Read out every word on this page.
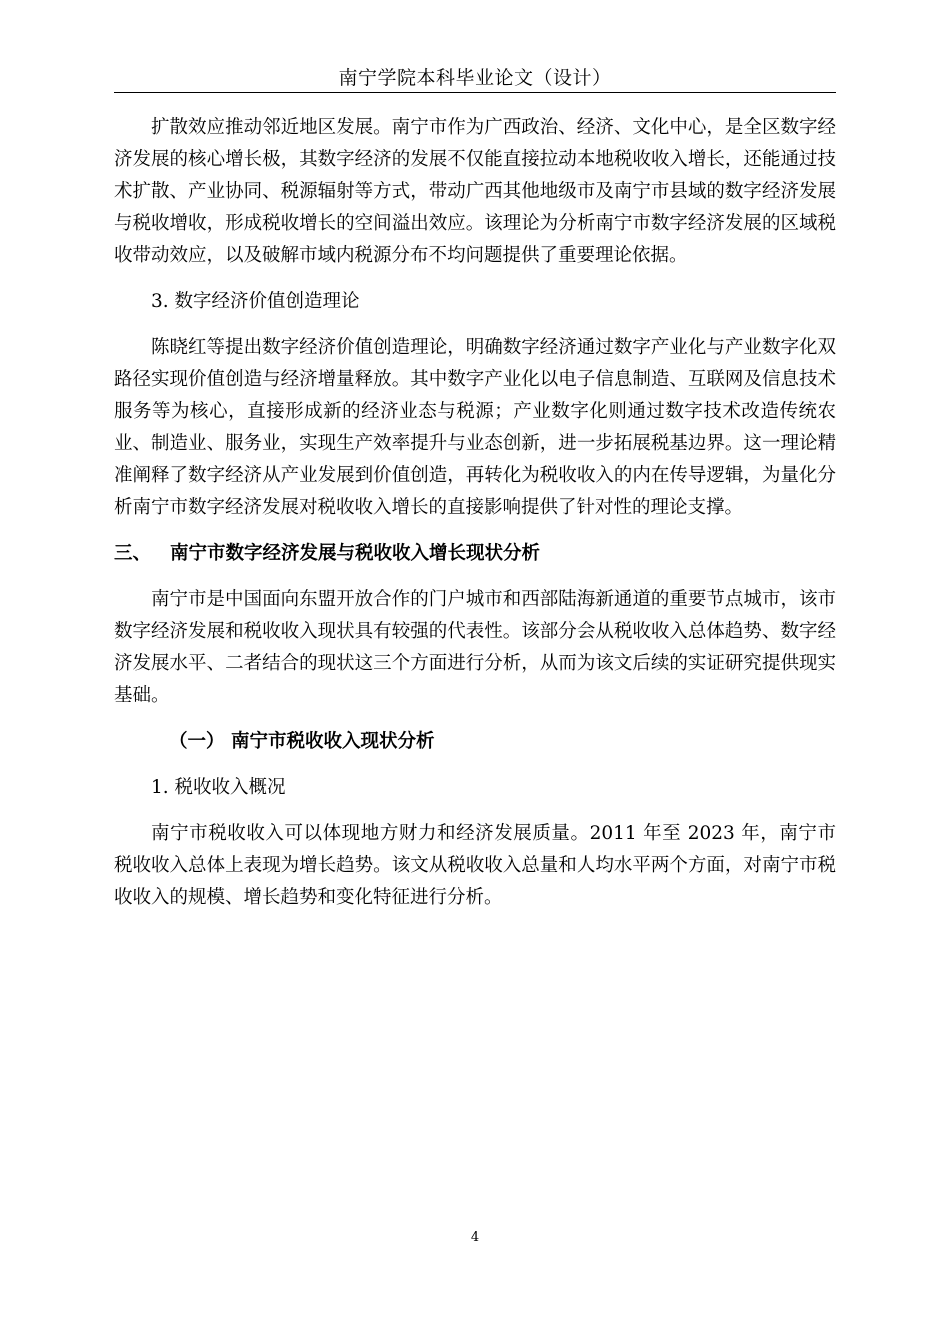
南宁学院本科毕业论文（设计）

扩散效应推动邻近地区发展。南宁市作为广西政治、经济、文化中心，是全区数字经济发展的核心增长极，其数字经济的发展不仅能直接拉动本地税收收入增长，还能通过技术扩散、产业协同、税源辐射等方式，带动广西其他地级市及南宁市县域的数字经济发展与税收增收，形成税收增长的空间溢出效应。该理论为分析南宁市数字经济发展的区域税收带动效应，以及破解市域内税源分布不均问题提供了重要理论依据。

3. 数字经济价值创造理论

陈晓红等提出数字经济价值创造理论，明确数字经济通过数字产业化与产业数字化双路径实现价值创造与经济增量释放。其中数字产业化以电子信息制造、互联网及信息技术服务等为核心，直接形成新的经济业态与税源；产业数字化则通过数字技术改造传统农业、制造业、服务业，实现生产效率提升与业态创新，进一步拓展税基边界。这一理论精准阐释了数字经济从产业发展到价值创造，再转化为税收收入的内在传导逻辑，为量化分析南宁市数字经济发展对税收收入增长的直接影响提供了针对性的理论支撑。

三、	南宁市数字经济发展与税收收入增长现状分析

南宁市是中国面向东盟开放合作的门户城市和西部陆海新通道的重要节点城市，该市数字经济发展和税收收入现状具有较强的代表性。该部分会从税收收入总体趋势、数字经济发展水平、二者结合的现状这三个方面进行分析，从而为该文后续的实证研究提供现实基础。

（一） 南宁市税收收入现状分析

1. 税收收入概况

南宁市税收收入可以体现地方财力和经济发展质量。2011 年至 2023 年，南宁市税收收入总体上表现为增长趋势。该文从税收收入总量和人均水平两个方面，对南宁市税收收入的规模、增长趋势和变化特征进行分析。

4
